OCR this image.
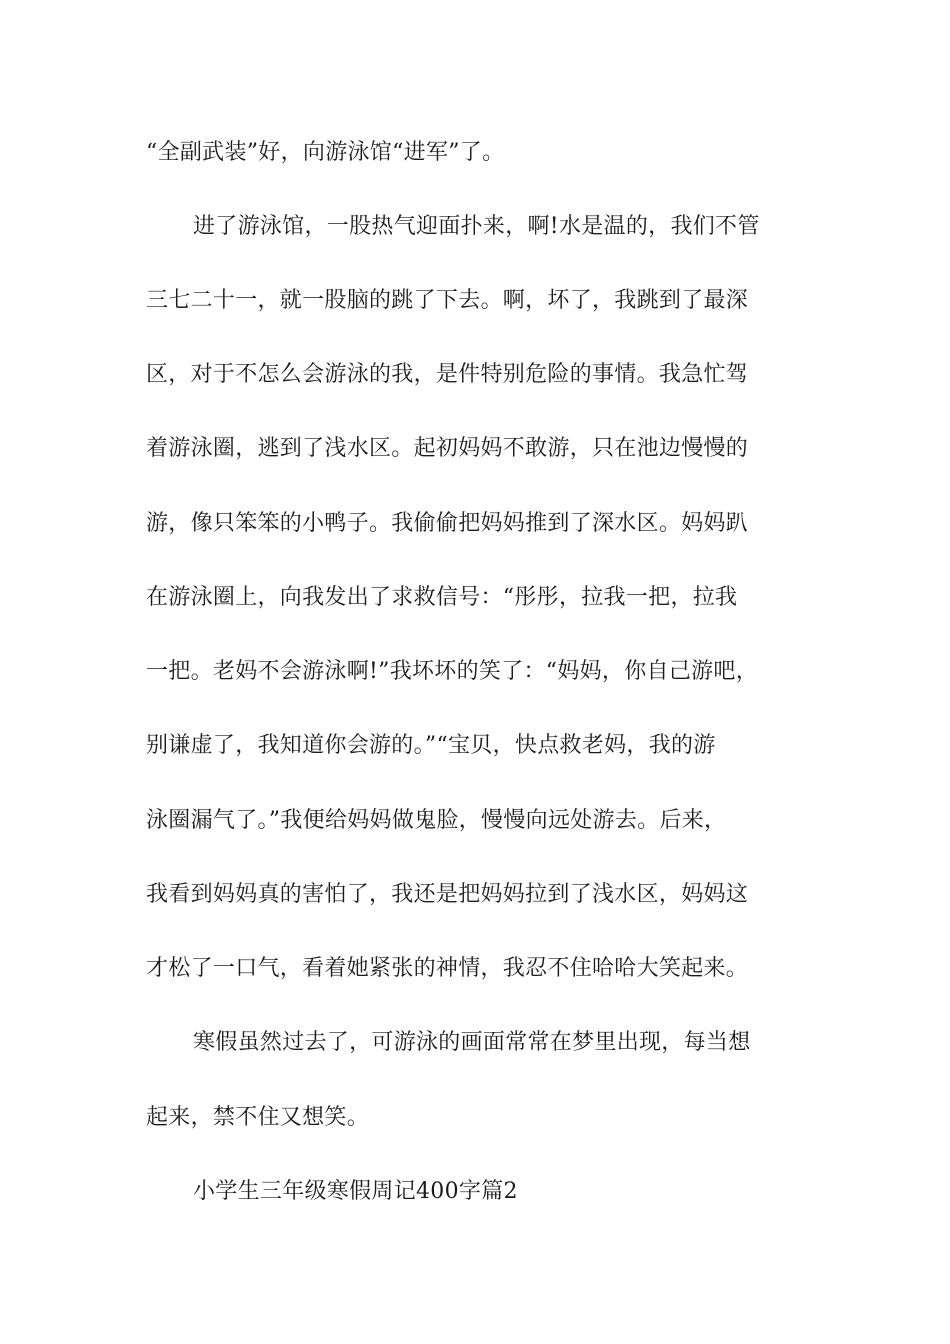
“全副武装”好，向游泳馆“进军”了。
进了游泳馆，一股热气迎面扑来，啊!水是温的，我们不管
三七二十一，就一股脑的跳了下去。啊，坏了，我跳到了最深
区，对于不怎么会游泳的我，是件特别危险的事情。我急忙驾
着游泳圈，逃到了浅水区。起初妈妈不敢游，只在池边慢慢的
游，像只笨笨的小鸭子。我偷偷把妈妈推到了深水区。妈妈趴
在游泳圈上，向我发出了求救信号：“彤彤，拉我一把，拉我
一把。老妈不会游泳啊!”我坏坏的笑了：“妈妈，你自己游吧，
别谦虚了，我知道你会游的。”“宝贝，快点救老妈，我的游
泳圈漏气了。”我便给妈妈做鬼脸，慢慢向远处游去。后来，
我看到妈妈真的害怕了，我还是把妈妈拉到了浅水区，妈妈这
才松了一口气，看着她紧张的神情，我忍不住哈哈大笑起来。
寒假虽然过去了，可游泳的画面常常在梦里出现，每当想
起来，禁不住又想笑。
小学生三年级寒假周记400字篇2
